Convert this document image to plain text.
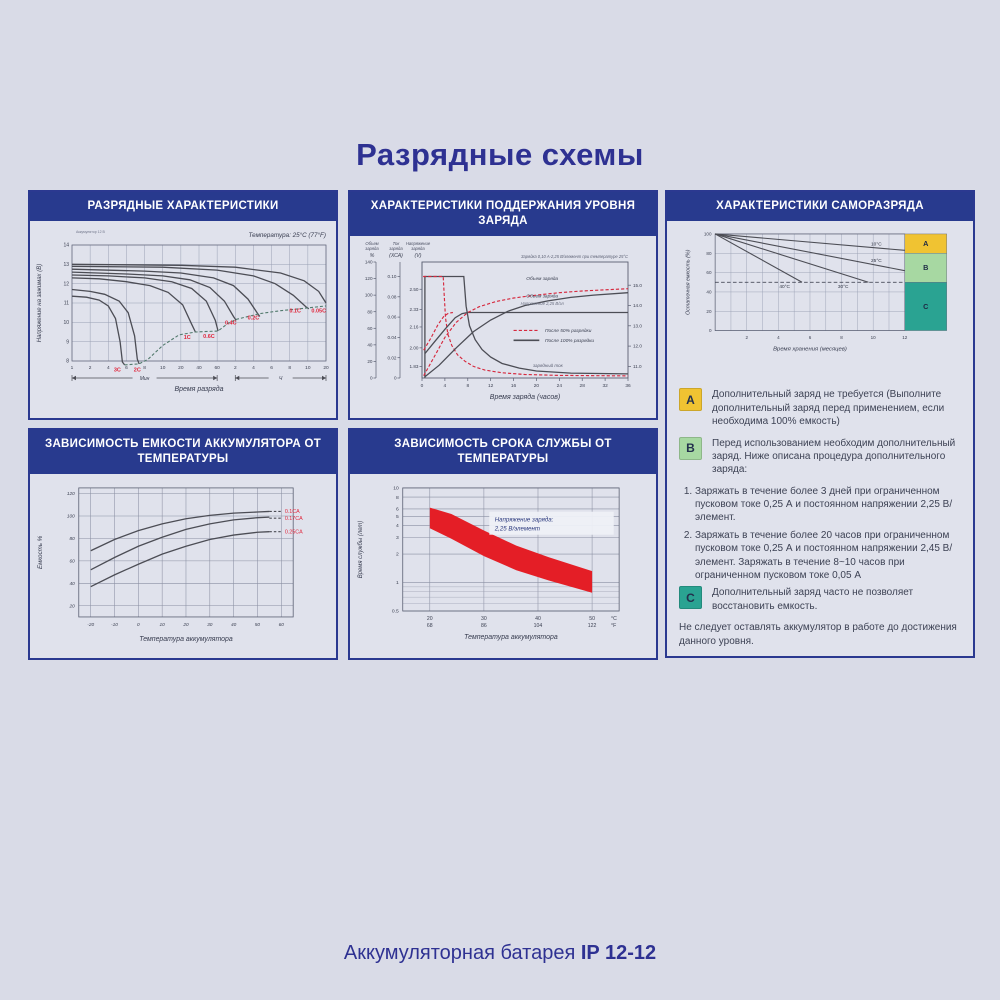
Разрядные схемы
РАЗРЯДНЫЕ ХАРАКТЕРИСТИКИ
8
9
10
11
12
13
14
1	2	4	6	8	10	20	40	60	2	4	6	8	10	20
3C 2C
1C 0.6C
0.4C
0.2C
0.1C 0.05C
Температура: 25°C (77°F)
Аккумулятор 12 В
Напряжение на зажимах (В)
Мин	Ч
Время разряда
ХАРАКТЕРИСТИКИ ПОДДЕРЖАНИЯ УРОВНЯ ЗАРЯДА
0	4	8	12	16	20	24	28	32	36
140
120
100
80
60
40
20
0
Объем
заряда
%
0.10
0.08
0.06
0.04
0.02
0
Ток
заряда
(ХСА)
2.50
2.33
2.16
2.00
1.83
Напряжение
заряда
(V)
15.0
14.0
13.0
12.0
11.0
Зарядка 0,10 А-2,25 В/элемент при температуре 25°C
Объем заряда
Объем заряда
Напряжение 2,25 В/эл
зарядный ток
После 50% разрядки
После 100% разрядки
Время заряда (часов)
ХАРАКТЕРИСТИКИ САМОРАЗРЯДА
A
B
C
100
80
60
40
20
0
2	4	6	8	10	12
10°C
25°C
30°C
40°C
Остаточная емкость (%)
Время хранения (месяцев)
A	Дополнительный заряд не требуется (Выполните дополнительный заряд перед применением, если необходима 100% емкость)

B	Перед использованием необходим дополнительный заряд. Ниже описана процедура дополнительного заряда:

1. Заряжать в течение более 3 дней при ограниченном пусковом токе 0,25 А и постоянном напряжении 2,25 В/элемент.
2. Заряжать в течение более 20 часов при ограниченном пусковом токе 0,25 А и постоянном напряжении 2,45 В/элемент. Заряжать в течение 8~10 часов при ограниченном пусковом токе 0,05 А
C	Дополнительный заряд часто не позволяет восстановить емкость.

Не следует оставлять аккумулятор в работе до достижения данного уровня.

ЗАВИСИМОСТЬ ЕМКОСТИ АККУМУЛЯТОРА ОТ ТЕМПЕРАТУРЫ
120
100
80
60
40
20
-20	-10	0	10	20	30	40	50	60
0.1CA
0.17CA
0.25CA
Емкость %
Температура аккумулятора
ЗАВИСИМОСТЬ СРОКА СЛУЖБЫ ОТ ТЕМПЕРАТУРЫ
10
8
6
5
4
3
2
1
0.5
20
68
30
86
40
104
50
122
°C
°F
Напряжение заряда:
2,25 В/элемент
Время службы (лет)
Температура аккумулятора
Аккумуляторная батарея IP 12-12
